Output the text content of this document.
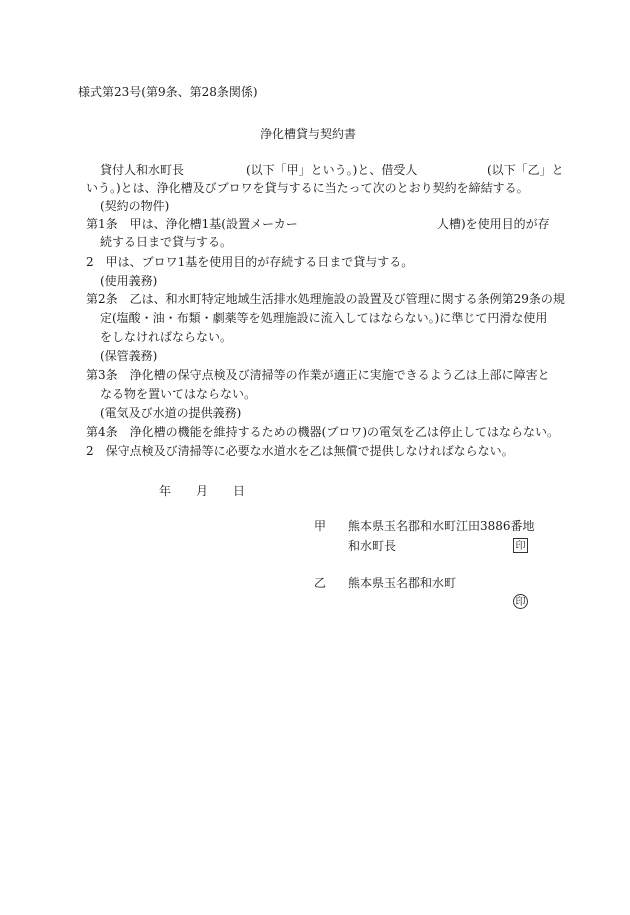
様式第23号(第9条、第28条関係)
浄化槽貸与契約書
貸付人和水町長	(以下「甲」という。)と、借受人	(以下「乙」と
いう。)とは、浄化槽及びブロワを貸与するに当たって次のとおり契約を締結する。
(契約の物件)
第1条　甲は、浄化槽1基(設置メーカー	人槽)を使用目的が存
続する日まで貸与する。
2　甲は、ブロワ1基を使用目的が存続する日まで貸与する。
(使用義務)
第2条　乙は、和水町特定地域生活排水処理施設の設置及び管理に関する条例第29条の規
定(塩酸・油・布類・劇薬等を処理施設に流入してはならない。)に準じて円滑な使用
をしなければならない。
(保管義務)
第3条　浄化槽の保守点検及び清掃等の作業が適正に実施できるよう乙は上部に障害と
なる物を置いてはならない。
(電気及び水道の提供義務)
第4条　浄化槽の機能を維持するための機器(ブロワ)の電気を乙は停止してはならない。
2　保守点検及び清掃等に必要な水道水を乙は無償で提供しなければならない。
年 月 日
甲 熊本県玉名郡和水町江田3886番地
和水町長	印
乙 熊本県玉名郡和水町
印
